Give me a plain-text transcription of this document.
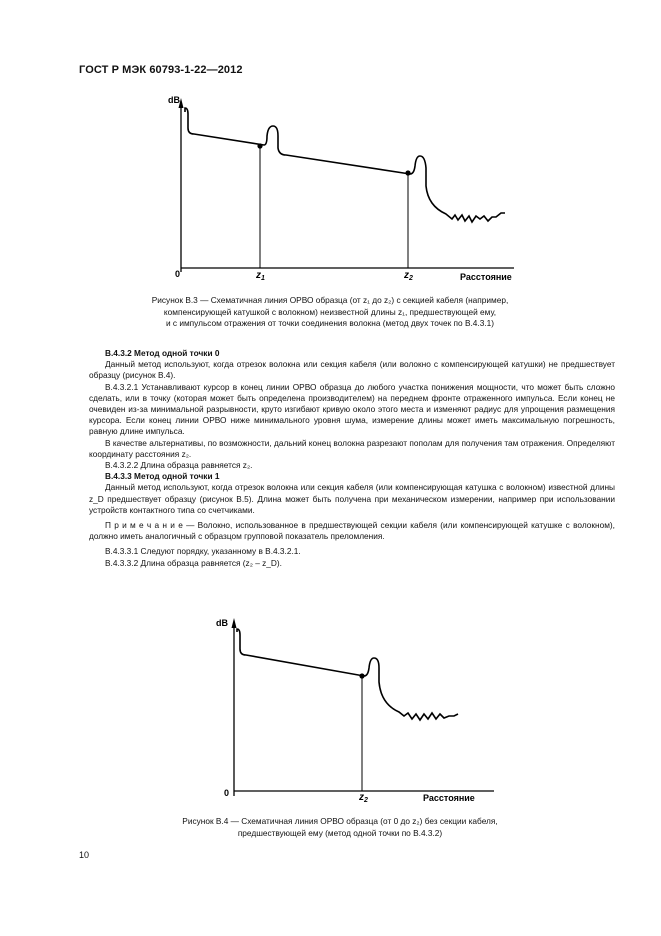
ГОСТ Р МЭК 60793-1-22—2012
dB
0	$z_1$	$z_2$	Расстояние
Рисунок В.3 — Схематичная линия ОРВО образца (от z₁ до z₂) с секцией кабеля (например,
компенсирующей катушкой с волокном) неизвестной длины z₁, предшествующей ему,
и с импульсом отражения от точки соединения волокна (метод двух точек по В.4.3.1)

В.4.3.2 Метод одной точки 0

Данный метод используют, когда отрезок волокна или секция кабеля (или волокно с компенсирующей катушки) не предшествует образцу (рисунок В.4).

В.4.3.2.1 Устанавливают курсор в конец линии ОРВО образца до любого участка понижения мощности, что может быть сложно сделать, или в точку (которая может быть определена производителем) на переднем фронте отраженного импульса. Если конец не очевиден из-за минимальной разрывности, круто изгибают кривую около этого места и изменяют радиус для упрощения размещения курсора. Если конец линии ОРВО ниже минимального уровня шума, измерение длины может иметь максимальную погрешность, равную длине импульса.

В качестве альтернативы, по возможности, дальний конец волокна разрезают пополам для получения там отражения. Определяют координату расстояния z₂.

В.4.3.2.2 Длина образца равняется z₂.

В.4.3.3 Метод одной точки 1

Данный метод используют, когда отрезок волокна или секция кабеля (или компенсирующая катушка с волокном) известной длины z_D предшествует образцу (рисунок В.5). Длина может быть получена при механическом измерении, например при использовании устройств контактного типа со счетчиками.

П р и м е ч а н и е — Волокно, использованное в предшествующей секции кабеля (или компенсирующей катушке с волокном), должно иметь аналогичный с образцом групповой показатель преломления.

В.4.3.3.1 Следуют порядку, указанному в В.4.3.2.1.

В.4.3.3.2 Длина образца равняется (z₂ – z_D).

dB
0	$z_2$	Расстояние
Рисунок В.4 — Схематичная линия ОРВО образца (от 0 до z₂) без секции кабеля,
предшествующей ему (метод одной точки по В.4.3.2)
10
